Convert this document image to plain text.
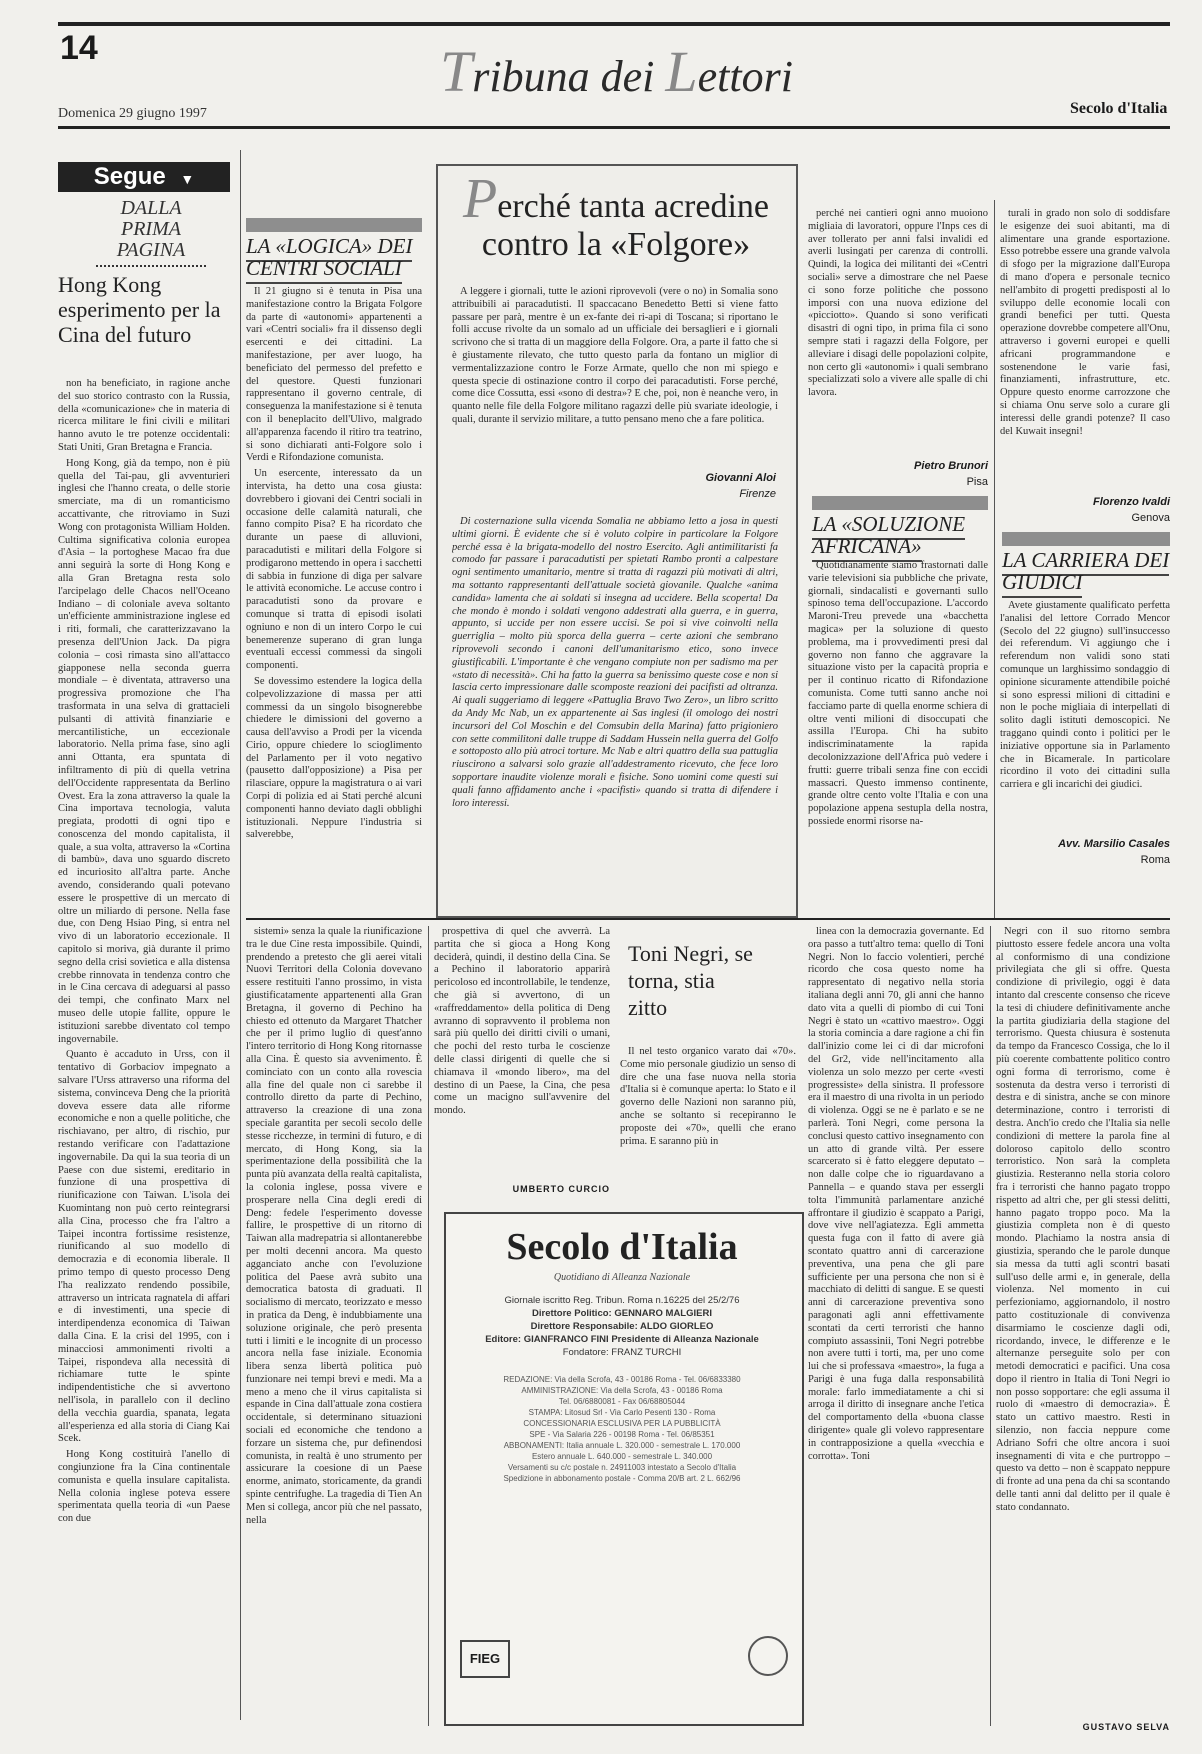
14	Tribuna dei Lettori
Domenica 29 giugno 1997	Secolo d'Italia
Segue ▼
DALLA PRIMA PAGINA
Hong Kong esperimento per la Cina del futuro

non ha beneficiato, in ragione anche del suo storico contrasto con la Russia, della «comunicazione» che in materia di ricerca militare le fini civili e militari hanno avuto le tre potenze occidentali: Stati Uniti, Gran Bretagna e Francia.

Hong Kong, già da tempo, non è più quella del Tai-pau, gli avventurieri inglesi che l'hanno creata, o delle storie smerciate, ma di un romanticismo accattivante, che ritroviamo in Suzi Wong con protagonista William Holden. Cultima significativa colonia europea d'Asia – la portoghese Macao fra due anni seguirà la sorte di Hong Kong e alla Gran Bretagna resta solo l'arcipelago delle Chacos nell'Oceano Indiano – di coloniale aveva soltanto un'efficiente amministrazione inglese ed i riti, formali, che caratterizzavano la presenza dell'Union Jack. Da pigra colonia – così rimasta sino all'attacco giapponese nella seconda guerra mondiale – è diventata, attraverso una progressiva promozione che l'ha trasformata in una selva di grattacieli pulsanti di attività finanziarie e mercantilistiche, un eccezionale laboratorio. Nella prima fase, sino agli anni Ottanta, era spuntata di infiltramento di più di quella vetrina dell'Occidente rappresentata da Berlino Ovest. Era la zona attraverso la quale la Cina importava tecnologia, valuta pregiata, prodotti di ogni tipo e conoscenza del mondo capitalista, il quale, a sua volta, attraverso la «Cortina di bambù», dava uno sguardo discreto ed incuriosito all'altra parte. Anche avendo, considerando quali potevano essere le prospettive di un mercato di oltre un miliardo di persone. Nella fase due, con Deng Hsiao Ping, si entra nel vivo di un laboratorio eccezionale. Il capitolo si moriva, già durante il primo segno della crisi sovietica e alla distensa crebbe rinnovata in tendenza contro che in le Cina cercava di adeguarsi al passo dei tempi, che confinato Marx nel museo delle utopie fallite, oppure le istituzioni sarebbe diventato col tempo ingovernabile.

Quanto è accaduto in Urss, con il tentativo di Gorbaciov impegnato a salvare l'Urss attraverso una riforma del sistema, convinceva Deng che la priorità doveva essere data alle riforme economiche e non a quelle politiche, che rischiavano, per altro, di rischio, pur restando verificare con l'adattazione ingovernabile. Da qui la sua teoria di un Paese con due sistemi, ereditario in funzione di una prospettiva di riunificazione con Taiwan. L'isola dei Kuomintang non può certo reintegrarsi alla Cina, processo che fra l'altro a Taipei incontra fortissime resistenze, riunificando al suo modello di democrazia e di economia liberale. Il primo tempo di questo processo Deng l'ha realizzato rendendo possibile, attraverso un intricata ragnatela di affari e di investimenti, una specie di interdipendenza economica di Taiwan dalla Cina. E la crisi del 1995, con i minacciosi ammonimenti rivolti a Taipei, rispondeva alla necessità di richiamare tutte le spinte indipendentistiche che si avvertono nell'isola, in parallelo con il declino della vecchia guardia, spanata, legata all'esperienza ed alla storia di Ciang Kai Scek.

Hong Kong costituirà l'anello di congiunzione fra la Cina continentale comunista e quella insulare capitalista. Nella colonia inglese poteva essere sperimentata quella teoria di «un Paese con due

LA «LOGICA» DEI CENTRI SOCIALI

Il 21 giugno si è tenuta in Pisa una manifestazione contro la Brigata Folgore da parte di «autonomi» appartenenti a vari «Centri sociali» fra il dissenso degli esercenti e dei cittadini. La manifestazione, per aver luogo, ha beneficiato del permesso del prefetto e del questore. Questi funzionari rappresentano il governo centrale, di conseguenza la manifestazione si è tenuta con il beneplacito dell'Ulivo, malgrado all'apparenza facendo il ritiro tra teatrino, si sono dichiarati anti-Folgore solo i Verdi e Rifondazione comunista.

Un esercente, interessato da un intervista, ha detto una cosa giusta: dovrebbero i giovani dei Centri sociali in occasione delle calamità naturali, che fanno compito Pisa? E ha ricordato che durante un paese di alluvioni, paracadutisti e militari della Folgore si prodigarono mettendo in opera i sacchetti di sabbia in funzione di diga per salvare le attività economiche. Le accuse contro i paracadutisti sono da provare e comunque si tratta di episodi isolati ogniuno e non di un intero Corpo le cui benemerenze superano di gran lunga eventuali eccessi commessi da singoli componenti.

Se dovessimo estendere la logica della colpevolizzazione di massa per atti commessi da un singolo bisognerebbe chiedere le dimissioni del governo a causa dell'avviso a Prodi per la vicenda Cirio, oppure chiedere lo scioglimento del Parlamento per il voto negativo (pausetto dall'opposizione) a Pisa per rilasciare, oppure la magistratura o ai vari Corpi di polizia ed ai Stati perché alcuni componenti hanno deviato dagli obblighi istituzionali. Neppure l'industria si salverebbe,

Perché tanta acredine contro la «Folgore»

A leggere i giornali, tutte le azioni riprovevoli (vere o no) in Somalia sono attribuibili ai paracadutisti. Il spaccacano Benedetto Betti si viene fatto passare per parà, mentre è un ex-fante dei ri-api di Toscana; si riportano le folli accuse rivolte da un somalo ad un ufficiale dei bersaglieri e i giornali scrivono che si tratta di un maggiore della Folgore. Ora, a parte il fatto che si è giustamente rilevato, che tutto questo parla da fontano un miglior di vermentalizzazione contro le Forze Armate, quello che non mi spiego e questa specie di ostinazione contro il corpo dei paracadutisti. Forse perché, come dice Cossutta, essi «sono di destra»? E che, poi, non è neanche vero, in quanto nelle file della Folgore militano ragazzi delle più svariate ideologie, i quali, durante il servizio militare, a tutto pensano meno che a fare politica.

Giovanni Aloi
Firenze

Di costernazione sulla vicenda Somalia ne abbiamo letto a josa in questi ultimi giorni. È evidente che si è voluto colpire in particolare la Folgore perché essa è la brigata-modello del nostro Esercito. Agli antimilitaristi fa comodo far passare i paracadutisti per spietati Rambo pronti a calpestare ogni sentimento umanitario, mentre si tratta di ragazzi più motivati di altri, ma sottanto rappresentanti dell'attuale società giovanile. Qualche «anima candida» lamenta che ai soldati si insegna ad uccidere. Bella scoperta! Da che mondo è mondo i soldati vengono addestrati alla guerra, e in guerra, appunto, si uccide per non essere uccisi. Se poi si vive coinvolti nella guerriglia – molto più sporca della guerra – certe azioni che sembrano riprovevoli secondo i canoni dell'umanitarismo etico, sono invece giustificabili. L'importante è che vengano compiute non per sadismo ma per «stato di necessità». Chi ha fatto la guerra sa benissimo queste cose e non si lascia certo impressionare dalle scomposte reazioni dei pacifisti ad oltranza. Ai quali suggeriamo di leggere «Pattuglia Bravo Two Zero», un libro scritto da Andy Mc Nab, un ex appartenente ai Sas inglesi (il omologo dei nostri incursori del Col Moschin e del Comsubin della Marina) fatto prigioniero con sette commilitoni dalle truppe di Saddam Hussein nella guerra del Golfo e sottoposto allo più atroci torture. Mc Nab e altri quattro della sua pattuglia riuscirono a salvarsi solo grazie all'addestramento ricevuto, che fece loro sopportare inaudite violenze morali e fisiche. Sono uomini come questi sui quali fanno affidamento anche i «pacifisti» quando si tratta di difendere i loro interessi.

perché nei cantieri ogni anno muoiono migliaia di lavoratori, oppure l'Inps ces di aver tollerato per anni falsi invalidi ed averli lusingati per carenza di controlli. Quindi, la logica dei militanti dei «Centri sociali» serve a dimostrare che nel Paese ci sono forze politiche che possono imporsi con una nuova edizione del «picciotto». Quando si sono verificati disastri di ogni tipo, in prima fila ci sono sempre stati i ragazzi della Folgore, per alleviare i disagi delle popolazioni colpite, non certo gli «autonomi» i quali sembrano specializzati solo a vivere alle spalle di chi lavora.

Pietro Brunori
Pisa
LA «SOLUZIONE AFRICANA»

Quotidianamente siamo frastornati dalle varie televisioni sia pubbliche che private, giornali, sindacalisti e governanti sullo spinoso tema dell'occupazione. L'accordo Maroni-Treu prevede una «bacchetta magica» per la soluzione di questo problema, ma i provvedimenti presi dal governo non fanno che aggravare la situazione visto per la capacità propria e per il continuo ricatto di Rifondazione comunista. Come tutti sanno anche noi facciamo parte di quella enorme schiera di oltre venti milioni di disoccupati che assilla l'Europa. Chi ha subito indiscriminatamente la rapida decolonizzazione dell'Africa può vedere i frutti: guerre tribali senza fine con eccidi massacri. Questo immenso continente, grande oltre cento volte l'Italia e con una popolazione appena sestupla della nostra, possiede enormi risorse na-

turali in grado non solo di soddisfare le esigenze dei suoi abitanti, ma di alimentare una grande esportazione. Esso potrebbe essere una grande valvola di sfogo per la migrazione dall'Europa di mano d'opera e personale tecnico nell'ambito di progetti predisposti al lo sviluppo delle economie locali con grandi benefici per tutti. Questa operazione dovrebbe competere all'Onu, attraverso i governi europei e quelli africani programmandone e sostenendone le varie fasi, finanziamenti, infrastrutture, etc. Oppure questo enorme carrozzone che si chiama Onu serve solo a curare gli interessi delle grandi potenze? Il caso del Kuwait insegni!

Florenzo Ivaldi
Genova
LA CARRIERA DEI GIUDICI

Avete giustamente qualificato perfetta l'analisi del lettore Corrado Mencor (Secolo del 22 giugno) sull'insuccesso dei referendum. Vi aggiungo che i referendum non validi sono stati comunque un larghissimo sondaggio di opinione sicuramente attendibile poiché si sono espressi milioni di cittadini e non le poche migliaia di interpellati di solito dagli istituti demoscopici. Ne traggano quindi conto i politici per le iniziative opportune sia in Parlamento che in Bicamerale. In particolare ricordino il voto dei cittadini sulla carriera e gli incarichi dei giudici.

Avv. Marsilio Casales
Roma

sistemi» senza la quale la riunificazione tra le due Cine resta impossibile. Quindi, prendendo a pretesto che gli aerei vitali Nuovi Territori della Colonia dovevano essere restituiti l'anno prossimo, in vista giustificatamente appartenenti alla Gran Bretagna, il governo di Pechino ha chiesto ed ottenuto da Margaret Thatcher che per il primo luglio di quest'anno l'intero territorio di Hong Kong ritornasse alla Cina. È questo sia avvenimento. È cominciato con un conto alla rovescia alla fine del quale non ci sarebbe il controllo diretto da parte di Pechino, attraverso la creazione di una zona speciale garantita per secoli secolo delle stesse ricchezze, in termini di futuro, e di mercato, di Hong Kong, sia la sperimentazione della possibilità che la punta più avanzata della realtà capitalista, la colonia inglese, possa vivere e prosperare nella Cina degli eredi di Deng: fedele l'esperimento dovesse fallire, le prospettive di un ritorno di Taiwan alla madrepatria si allontanerebbe per molti decenni ancora. Ma questo agganciato anche con l'evoluzione politica del Paese avrà subito una democratica batosta di graduati. Il socialismo di mercato, teorizzato e messo in pratica da Deng, è indubbiamente una soluzione originale, che però presenta tutti i limiti e le incognite di un processo ancora nella fase iniziale. Economia libera senza libertà politica può funzionare nei tempi brevi e medi. Ma a meno a meno che il virus capitalista si espande in Cina dall'attuale zona costiera occidentale, si determinano situazioni sociali ed economiche che tendono a forzare un sistema che, pur definendosi comunista, in realtà è uno strumento per assicurare la coesione di un Paese enorme, animato, storicamente, da grandi spinte centrifughe. La tragedia di Tien An Men si collega, ancor più che nel passato, nella

prospettiva di quel che avverrà. La partita che si gioca a Hong Kong deciderà, quindi, il destino della Cina. Se a Pechino il laboratorio apparirà pericoloso ed incontrollabile, le tendenze, che già si avvertono, di un «raffreddamento» della politica di Deng avranno di sopravvento il problema non sarà più quello dei diritti civili o umani, che pochi del resto turba le coscienze delle classi dirigenti di quelle che si chiamava il «mondo libero», ma del destino di un Paese, la Cina, che pesa come un macigno sull'avvenire del mondo.

UMBERTO CURCIO
Toni Negri, se torna, stia zitto

Il nel testo organico varato dai «70». Come mio personale giudizio un senso di dire che una fase nuova nella storia d'Italia si è comunque aperta: lo Stato e il governo delle Nazioni non saranno più, anche se soltanto si recepiranno le proposte dei «70», quelli che erano prima. E saranno più in

linea con la democrazia governante. Ed ora passo a tutt'altro tema: quello di Toni Negri. Non lo faccio volentieri, perché ricordo che cosa questo nome ha rappresentato di negativo nella storia italiana degli anni 70, gli anni che hanno dato vita a quelli di piombo di cui Toni Negri è stato un «cattivo maestro». Oggi la storia comincia a dare ragione a chi fin dall'inizio come lei ci di dar microfoni del Gr2, vide nell'incitamento alla violenza un solo mezzo per certe «vesti progressiste» della sinistra. Il professore era il maestro di una rivolta in un periodo di violenza. Oggi se ne è parlato e se ne parlerà. Toni Negri, come persona la conclusi questo cattivo insegnamento con un atto di grande viltà. Per essere scarcerato si è fatto eleggere deputato – non dalle colpe che io riguardavano a Pannella – e quando stava per essergli tolta l'immunità parlamentare anziché affrontare il giudizio è scappato a Parigi, dove vive nell'agiatezza. Egli ammetta questa fuga con il fatto di avere già scontato quattro anni di carcerazione preventiva, una pena che gli pare sufficiente per una persona che non si è macchiato di delitti di sangue. E se questi anni di carcerazione preventiva sono paragonati agli anni effettivamente scontati da certi terroristi che hanno compiuto assassinii, Toni Negri potrebbe non avere tutti i torti, ma, per uno come lui che si professava «maestro», la fuga a Parigi è una fuga dalla responsabilità morale: farlo immediatamente a chi si arroga il diritto di insegnare anche l'etica del comportamento della «buona classe dirigente» quale gli volevo rappresentare in contrapposizione a quella «vecchia e corrotta». Toni

Negri con il suo ritorno sembra piuttosto essere fedele ancora una volta al conformismo di una condizione privilegiata che gli si offre. Questa condizione di privilegio, oggi è data intanto dal crescente consenso che riceve la tesi di chiudere definitivamente anche la partita giudiziaria della stagione del terrorismo. Questa chiusura è sostenuta da tempo da Francesco Cossiga, che lo il più coerente combattente politico contro ogni forma di terrorismo, come è sostenuta da destra verso i terroristi di destra e di sinistra, anche se con minore determinazione, contro i terroristi di destra. Anch'io credo che l'Italia sia nelle condizioni di mettere la parola fine al doloroso capitolo dello scontro terroristico. Non sarà la completa giustizia. Resteranno nella storia coloro fra i terroristi che hanno pagato troppo rispetto ad altri che, per gli stessi delitti, hanno pagato troppo poco. Ma la giustizia completa non è di questo mondo. Plachiamo la nostra ansia di giustizia, sperando che le parole dunque sia messa da tutti agli scontri basati sull'uso delle armi e, in generale, della violenza. Nel momento in cui perfezioniamo, aggiornandolo, il nostro patto costituzionale di convivenza disarmiamo le coscienze dagli odi, ricordando, invece, le differenze e le alternanze perseguite solo per con metodi democratici e pacifici. Una cosa dopo il rientro in Italia di Toni Negri io non posso sopportare: che egli assuma il ruolo di «maestro di democrazia». È stato un cattivo maestro. Resti in silenzio, non faccia neppure come Adriano Sofri che oltre ancora i suoi insegnamenti di vita e che purtroppo – questo va detto – non è scappato neppure di fronte ad una pena da chi sa scontando delle tanti anni dal delitto per il quale è stato condannato.

GUSTAVO SELVA
Secolo d'Italia
Quotidiano di Alleanza Nazionale
Giornale iscritto Reg. Tribun. Roma n.16225 del 25/2/76
Direttore Politico: GENNARO MALGIERI
Direttore Responsabile: ALDO GIORLEO
Editore: GIANFRANCO FINI Presidente di Alleanza Nazionale
Fondatore: FRANZ TURCHI
REDAZIONE: Via della Scrofa, 43 - 00186 Roma - Tel. 06/6833380
AMMINISTRAZIONE: Via della Scrofa, 43 - 00186 Roma
Tel. 06/6880081 - Fax 06/68805044
STAMPA: Litosud Srl - Via Carlo Pesenti 130 - Roma
CONCESSIONARIA ESCLUSIVA PER LA PUBBLICITÀ
SPE - Via Salaria 226 - 00198 Roma - Tel. 06/85351
ABBONAMENTI: Italia annuale L. 320.000 - semestrale L. 170.000
Estero annuale L. 640.000 - semestrale L. 340.000
Versamenti su c/c postale n. 24911003 intestato a Secolo d'Italia
Spedizione in abbonamento postale - Comma 20/B art. 2 L. 662/96
FIEG
